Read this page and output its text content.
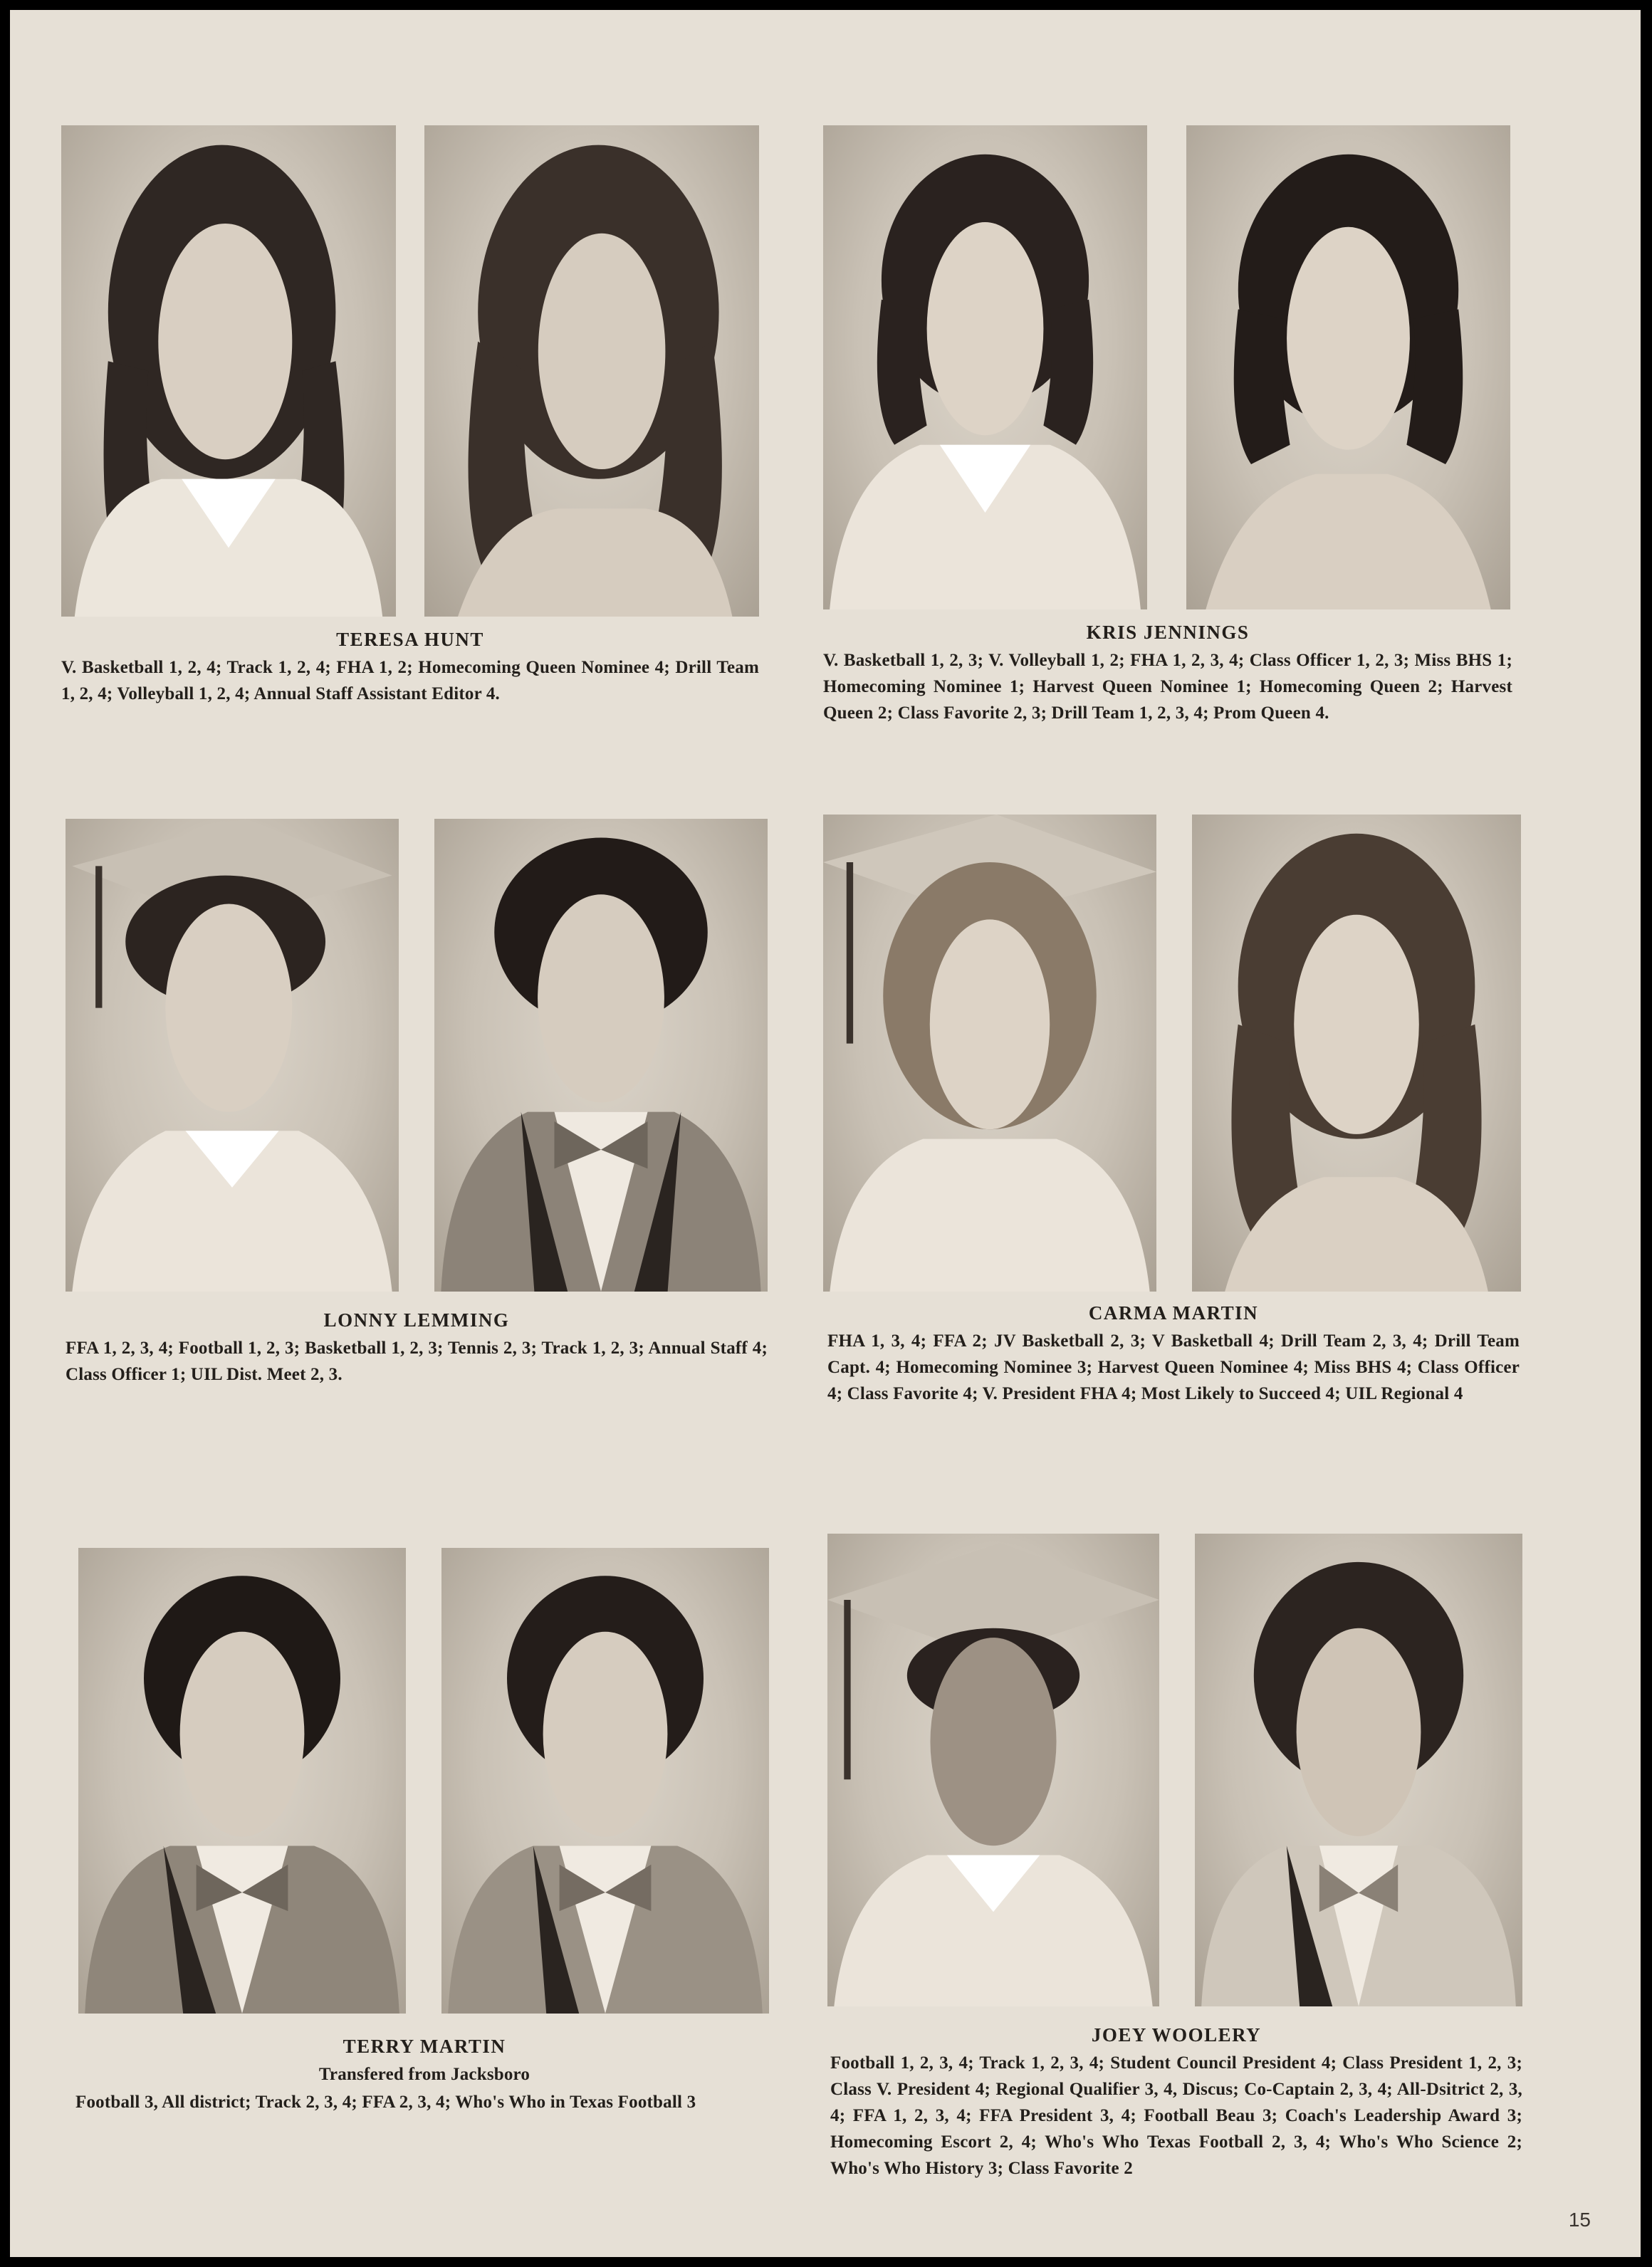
TERESA HUNT
V. Basketball 1, 2, 4; Track 1, 2, 4; FHA 1, 2; Homecoming Queen Nominee 4; Drill Team 1, 2, 4; Volleyball 1, 2, 4; Annual Staff Assistant Editor 4.
KRIS JENNINGS
V. Basketball 1, 2, 3; V. Volleyball 1, 2; FHA 1, 2, 3, 4; Class Officer 1, 2, 3; Miss BHS 1; Homecoming Nominee 1; Harvest Queen Nominee 1; Homecoming Queen 2; Harvest Queen 2; Class Favorite 2, 3; Drill Team 1, 2, 3, 4; Prom Queen 4.
LONNY LEMMING
FFA 1, 2, 3, 4; Football 1, 2, 3; Basketball 1, 2, 3; Tennis 2, 3; Track 1, 2, 3; Annual Staff 4; Class Officer 1; UIL Dist. Meet 2, 3.
CARMA MARTIN
FHA 1, 3, 4; FFA 2; JV Basketball 2, 3; V Basketball 4; Drill Team 2, 3, 4; Drill Team Capt. 4; Homecoming Nominee 3; Harvest Queen Nominee 4; Miss BHS 4; Class Officer 4; Class Favorite 4; V. President FHA 4; Most Likely to Succeed 4; UIL Regional 4
TERRY MARTIN
Transfered from Jacksboro
Football 3, All district; Track 2, 3, 4; FFA 2, 3, 4; Who's Who in Texas Football 3
JOEY WOOLERY
Football 1, 2, 3, 4; Track 1, 2, 3, 4; Student Council President 4; Class President 1, 2, 3; Class V. President 4; Regional Qualifier 3, 4, Discus; Co-Captain 2, 3, 4; All-Dsitrict 2, 3, 4; FFA 1, 2, 3, 4; FFA President 3, 4; Football Beau 3; Coach's Leadership Award 3; Homecoming Escort 2, 4; Who's Who Texas Football 2, 3, 4; Who's Who Science 2; Who's Who History 3; Class Favorite 2
15
